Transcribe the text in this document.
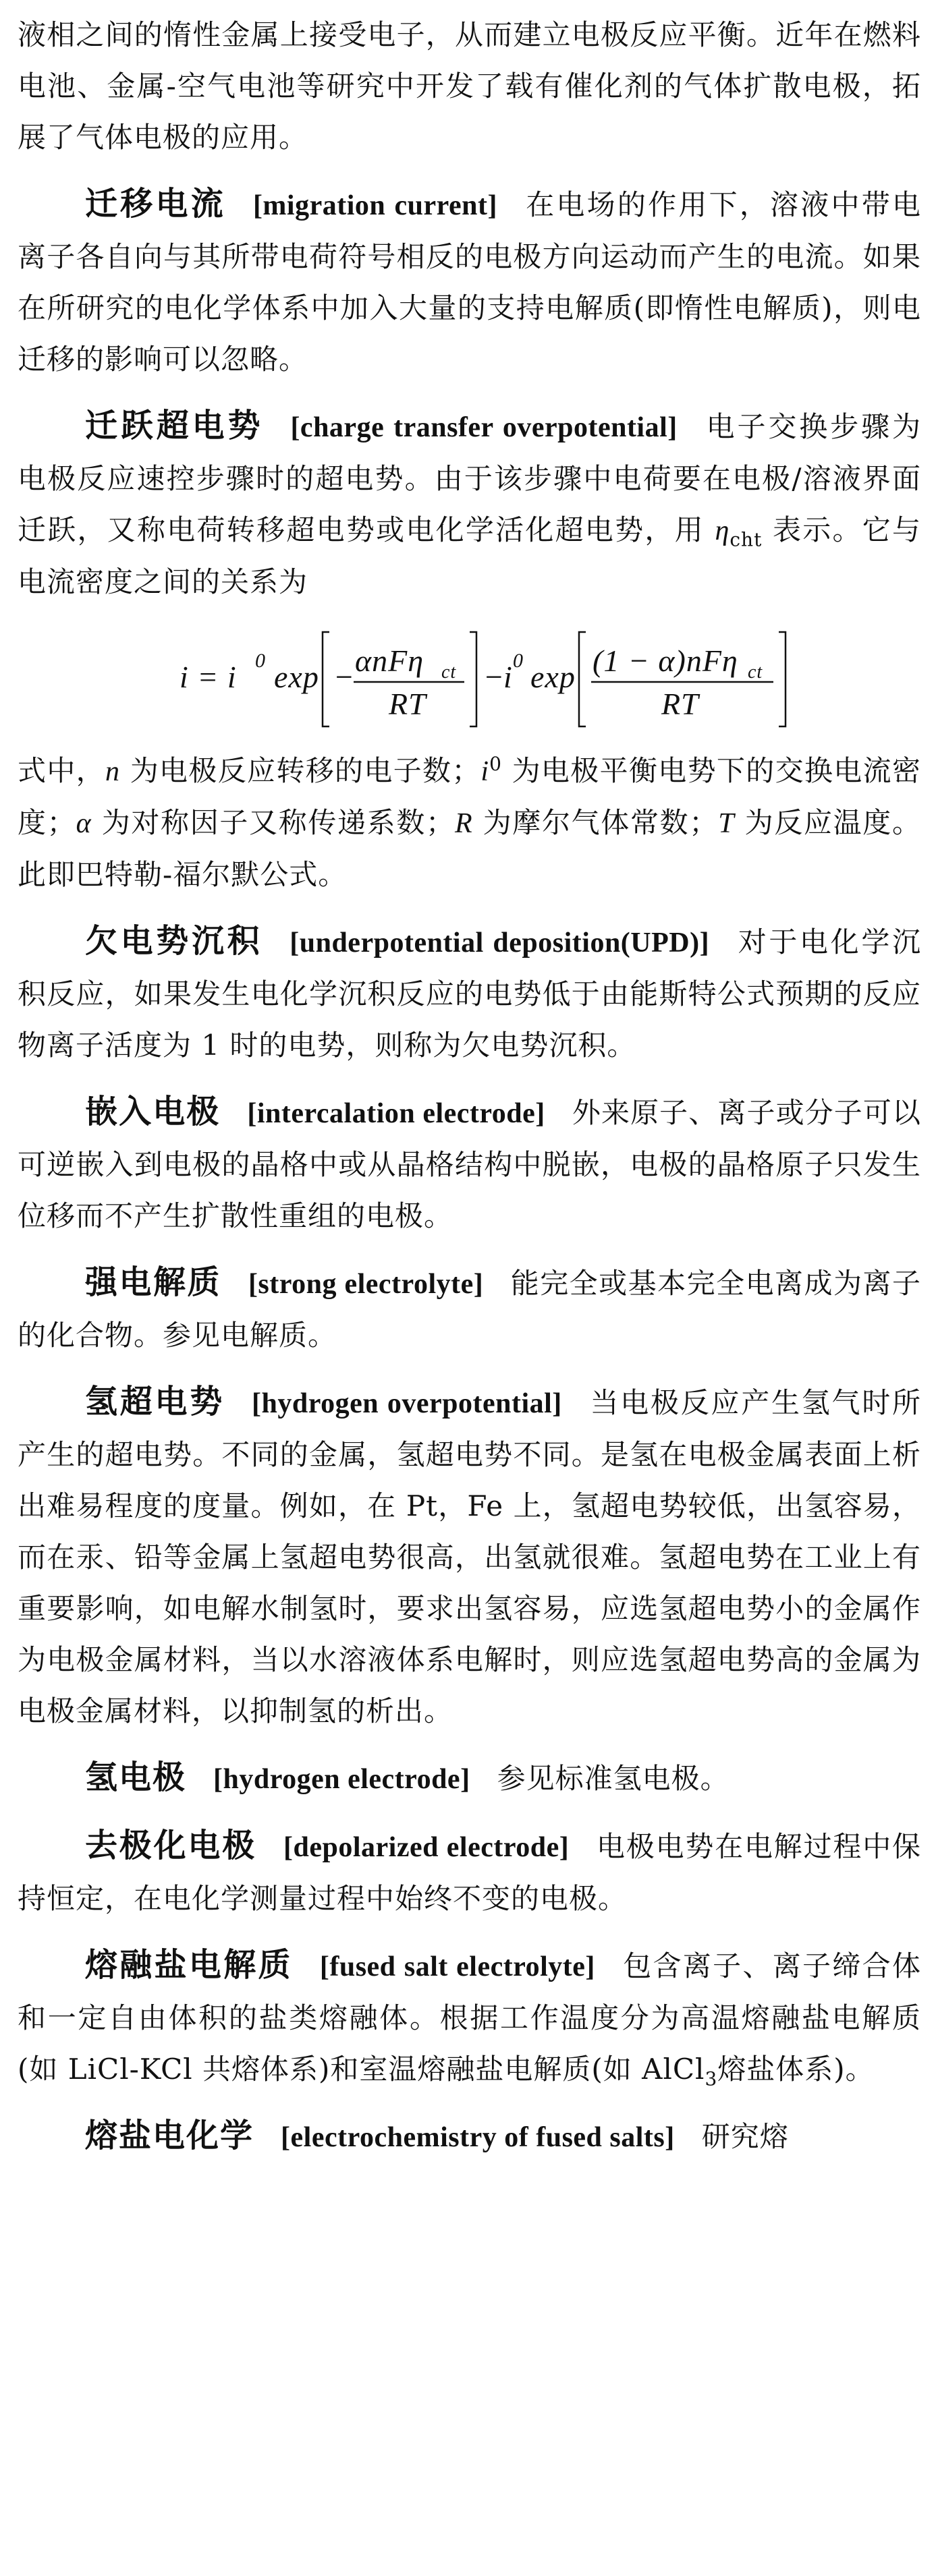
液相之间的惰性金属上接受电子，从而建立电极反应平衡。近年在燃料电池、金属-空气电池等研究中开发了载有催化剂的气体扩散电极，拓展了气体电极的应用。

迁移电流 [migration current] 在电场的作用下，溶液中带电离子各自向与其所带电荷符号相反的电极方向运动而产生的电流。如果在所研究的电化学体系中加入大量的支持电解质(即惰性电解质)，则电迁移的影响可以忽略。

迁跃超电势 [charge transfer overpotential] 电子交换步骤为电极反应速控步骤时的超电势。由于该步骤中电荷要在电极/溶液界面迁跃，又称电荷转移超电势或电化学活化超电势，用 $\eta_{cht}$ 表示。它与电流密度之间的关系为

i = i 0 exp − αnFη ct
RT
−
i 0 exp (1 − α)nFη ct
RT

式中，n 为电极反应转移的电子数；$i^0$ 为电极平衡电势下的交换电流密度；α 为对称因子又称传递系数；R 为摩尔气体常数；T 为反应温度。此即巴特勒-福尔默公式。

欠电势沉积 [underpotential deposition(UPD)] 对于电化学沉积反应，如果发生电化学沉积反应的电势低于由能斯特公式预期的反应物离子活度为 1 时的电势，则称为欠电势沉积。

嵌入电极 [intercalation electrode] 外来原子、离子或分子可以可逆嵌入到电极的晶格中或从晶格结构中脱嵌，电极的晶格原子只发生位移而不产生扩散性重组的电极。

强电解质 [strong electrolyte] 能完全或基本完全电离成为离子的化合物。参见电解质。

氢超电势 [hydrogen overpotential] 当电极反应产生氢气时所产生的超电势。不同的金属，氢超电势不同。是氢在电极金属表面上析出难易程度的度量。例如，在 Pt，Fe 上，氢超电势较低，出氢容易，而在汞、铅等金属上氢超电势很高，出氢就很难。氢超电势在工业上有重要影响，如电解水制氢时，要求出氢容易，应选氢超电势小的金属作为电极金属材料，当以水溶液体系电解时，则应选氢超电势高的金属为电极金属材料，以抑制氢的析出。

氢电极 [hydrogen electrode] 参见标准氢电极。

去极化电极 [depolarized electrode] 电极电势在电解过程中保持恒定，在电化学测量过程中始终不变的电极。

熔融盐电解质 [fused salt electrolyte] 包含离子、离子缔合体和一定自由体积的盐类熔融体。根据工作温度分为高温熔融盐电解质(如 LiCl-KCl 共熔体系)和室温熔融盐电解质(如 AlCl$_3$熔盐体系)。

熔盐电化学 [electrochemistry of fused salts] 研究熔
